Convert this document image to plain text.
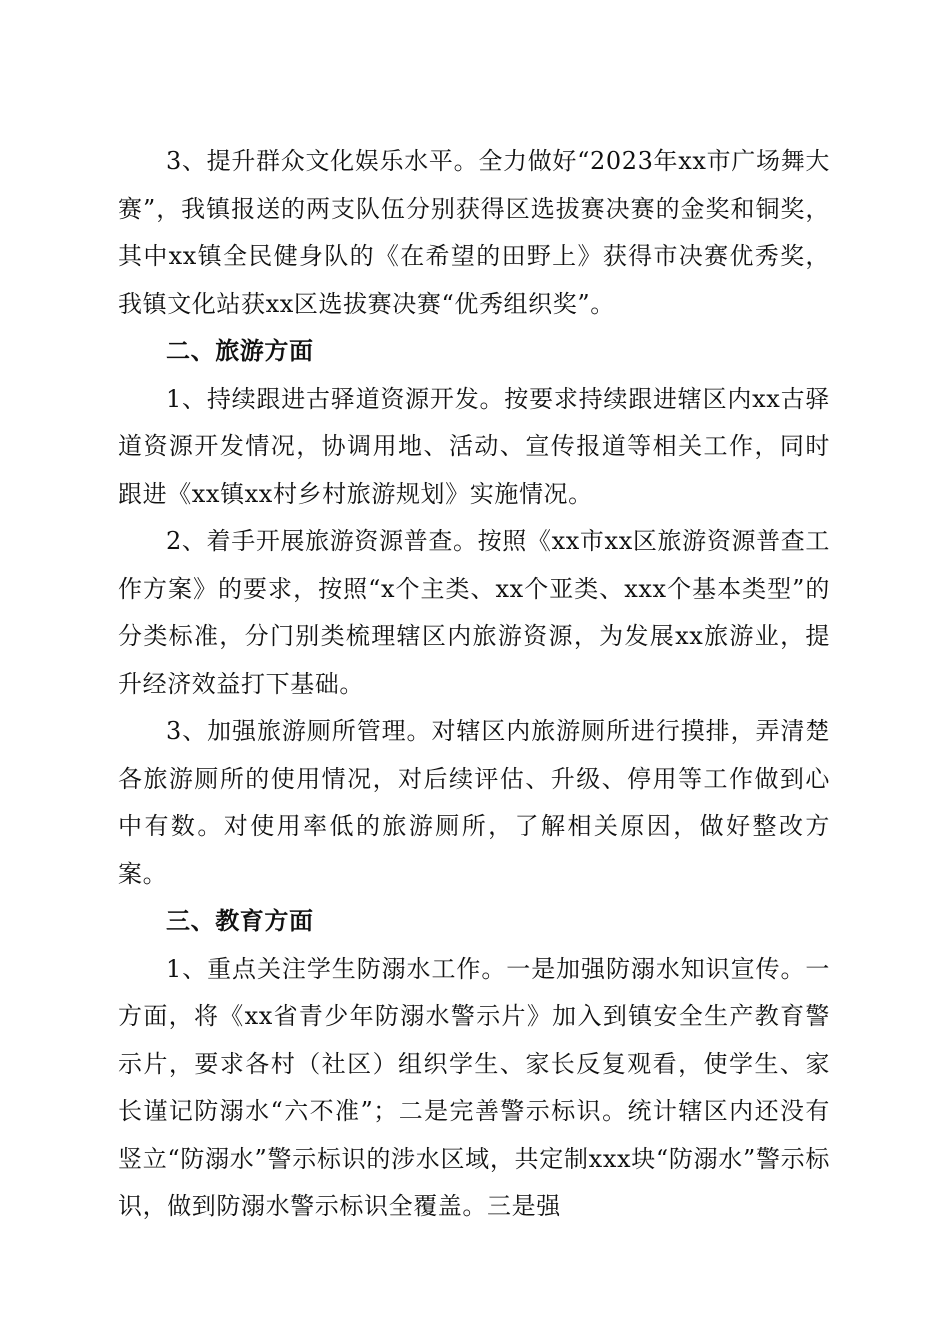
3、提升群众文化娱乐水平。全力做好“2023年xx市广场舞大赛”，我镇报送的两支队伍分别获得区选拔赛决赛的金奖和铜奖，其中xx镇全民健身队的《在希望的田野上》获得市决赛优秀奖，我镇文化站获xx区选拔赛决赛“优秀组织奖”。

二、旅游方面

1、持续跟进古驿道资源开发。按要求持续跟进辖区内xx古驿道资源开发情况，协调用地、活动、宣传报道等相关工作，同时跟进《xx镇xx村乡村旅游规划》实施情况。

2、着手开展旅游资源普查。按照《xx市xx区旅游资源普查工作方案》的要求，按照“x个主类、xx个亚类、xxx个基本类型”的分类标准，分门别类梳理辖区内旅游资源，为发展xx旅游业，提升经济效益打下基础。

3、加强旅游厕所管理。对辖区内旅游厕所进行摸排，弄清楚各旅游厕所的使用情况，对后续评估、升级、停用等工作做到心中有数。对使用率低的旅游厕所，了解相关原因，做好整改方案。

三、教育方面

1、重点关注学生防溺水工作。一是加强防溺水知识宣传。一方面，将《xx省青少年防溺水警示片》加入到镇安全生产教育警示片，要求各村（社区）组织学生、家长反复观看，使学生、家长谨记防溺水“六不准”；二是完善警示标识。统计辖区内还没有竖立“防溺水”警示标识的涉水区域，共定制xxx块“防溺水”警示标识，做到防溺水警示标识全覆盖。三是强
